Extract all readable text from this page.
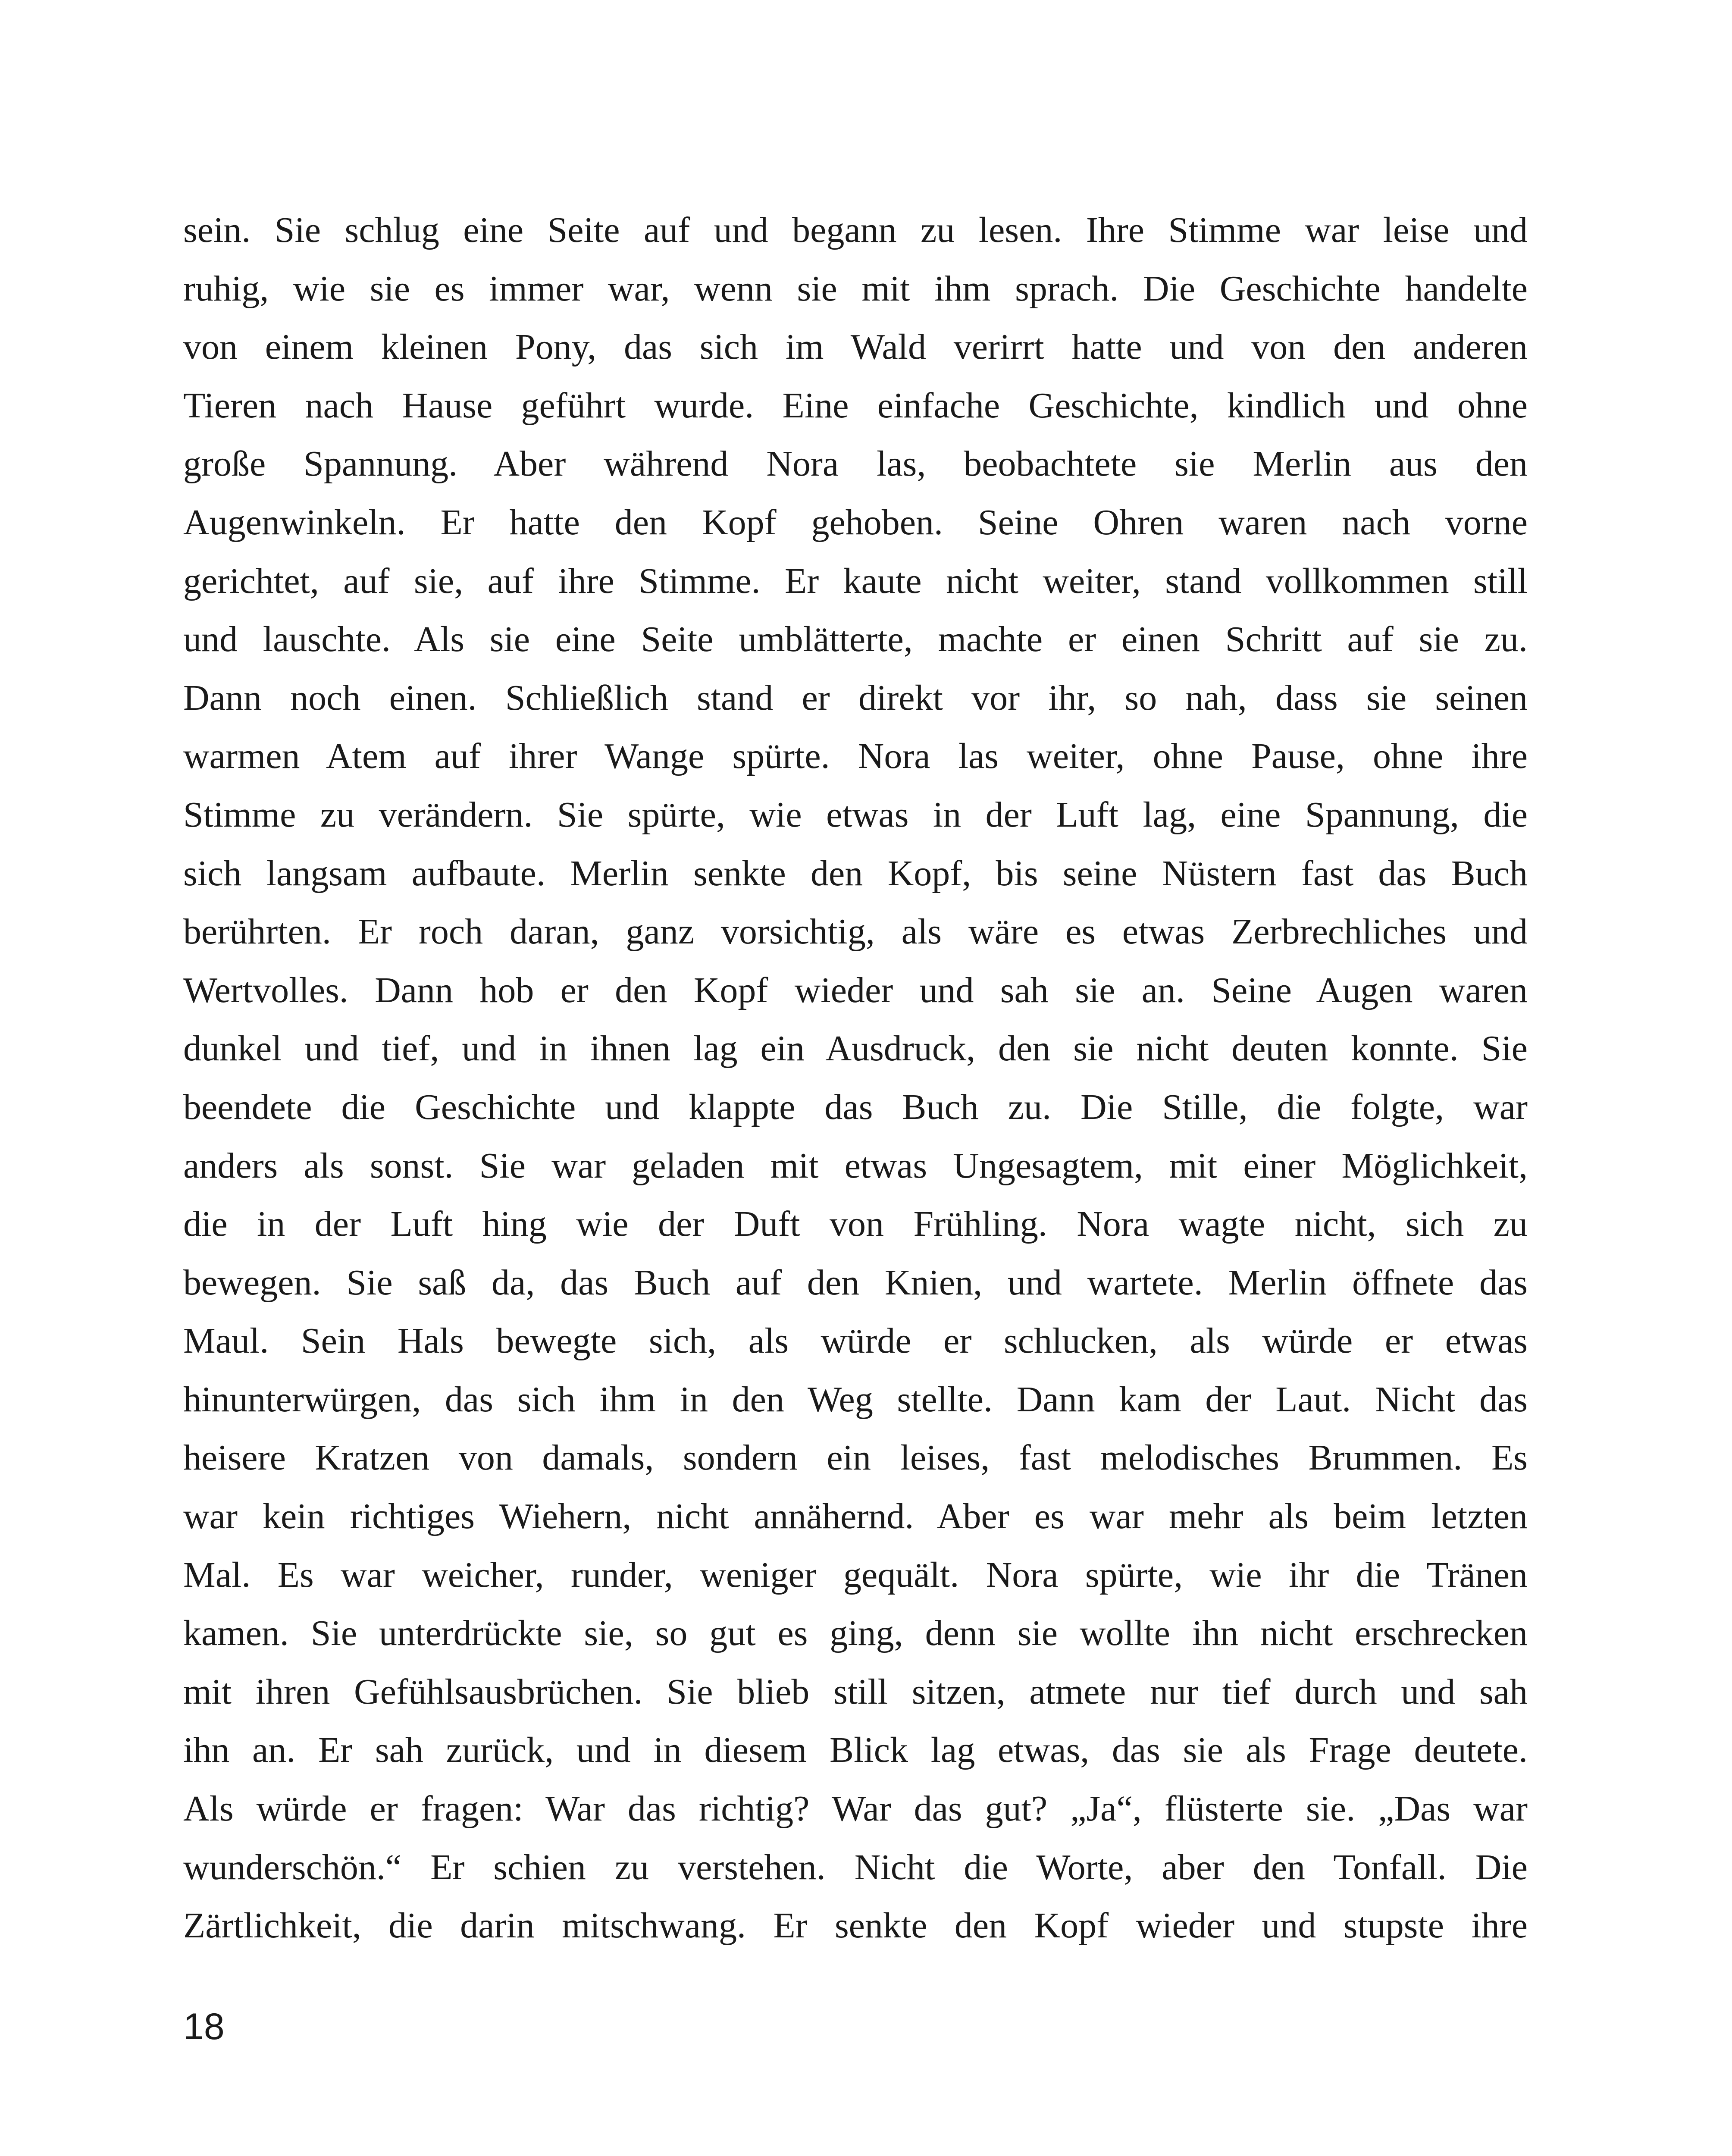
sein. Sie schlug eine Seite auf und begann zu lesen. Ihre Stimme war leise und
ruhig, wie sie es immer war, wenn sie mit ihm sprach. Die Geschichte handelte
von einem kleinen Pony, das sich im Wald verirrt hatte und von den anderen
Tieren nach Hause geführt wurde. Eine einfache Geschichte, kindlich und ohne
große Spannung. Aber während Nora las, beobachtete sie Merlin aus den
Augenwinkeln. Er hatte den Kopf gehoben. Seine Ohren waren nach vorne
gerichtet, auf sie, auf ihre Stimme. Er kaute nicht weiter, stand vollkommen still
und lauschte. Als sie eine Seite umblätterte, machte er einen Schritt auf sie zu.
Dann noch einen. Schließlich stand er direkt vor ihr, so nah, dass sie seinen
warmen Atem auf ihrer Wange spürte. Nora las weiter, ohne Pause, ohne ihre
Stimme zu verändern. Sie spürte, wie etwas in der Luft lag, eine Spannung, die
sich langsam aufbaute. Merlin senkte den Kopf, bis seine Nüstern fast das Buch
berührten. Er roch daran, ganz vorsichtig, als wäre es etwas Zerbrechliches und
Wertvolles. Dann hob er den Kopf wieder und sah sie an. Seine Augen waren
dunkel und tief, und in ihnen lag ein Ausdruck, den sie nicht deuten konnte. Sie
beendete die Geschichte und klappte das Buch zu. Die Stille, die folgte, war
anders als sonst. Sie war geladen mit etwas Ungesagtem, mit einer Möglichkeit,
die in der Luft hing wie der Duft von Frühling. Nora wagte nicht, sich zu
bewegen. Sie saß da, das Buch auf den Knien, und wartete. Merlin öffnete das
Maul. Sein Hals bewegte sich, als würde er schlucken, als würde er etwas
hinunterwürgen, das sich ihm in den Weg stellte. Dann kam der Laut. Nicht das
heisere Kratzen von damals, sondern ein leises, fast melodisches Brummen. Es
war kein richtiges Wiehern, nicht annähernd. Aber es war mehr als beim letzten
Mal. Es war weicher, runder, weniger gequält. Nora spürte, wie ihr die Tränen
kamen. Sie unterdrückte sie, so gut es ging, denn sie wollte ihn nicht erschrecken
mit ihren Gefühlsausbrüchen. Sie blieb still sitzen, atmete nur tief durch und sah
ihn an. Er sah zurück, und in diesem Blick lag etwas, das sie als Frage deutete.
Als würde er fragen: War das richtig? War das gut? „Ja“, flüsterte sie. „Das war
wunderschön.“ Er schien zu verstehen. Nicht die Worte, aber den Tonfall. Die
Zärtlichkeit, die darin mitschwang. Er senkte den Kopf wieder und stupste ihre
18
